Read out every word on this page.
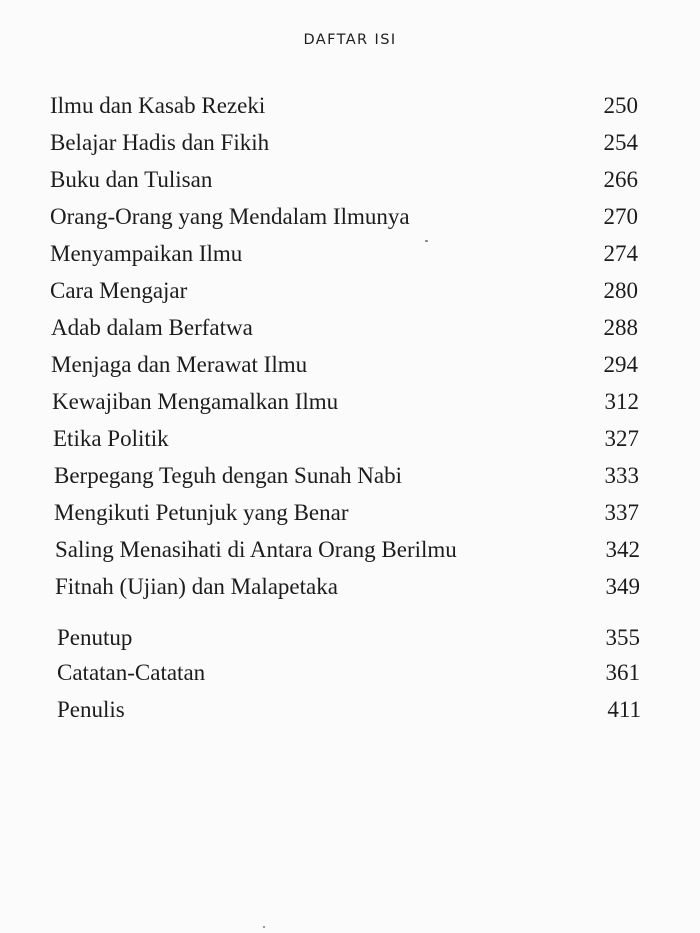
DAFTAR ISI
Ilmu dan Kasab Rezeki	250
Belajar Hadis dan Fikih	254
Buku dan Tulisan	266
Orang-Orang yang Mendalam Ilmunya	270
Menyampaikan Ilmu	274
Cara Mengajar	280
Adab dalam Berfatwa	288
Menjaga dan Merawat Ilmu	294
Kewajiban Mengamalkan Ilmu	312
Etika Politik	327
Berpegang Teguh dengan Sunah Nabi	333
Mengikuti Petunjuk yang Benar	337
Saling Menasihati di Antara Orang Berilmu	342
Fitnah (Ujian) dan Malapetaka	349
Penutup	355
Catatan-Catatan	361
Penulis	411
